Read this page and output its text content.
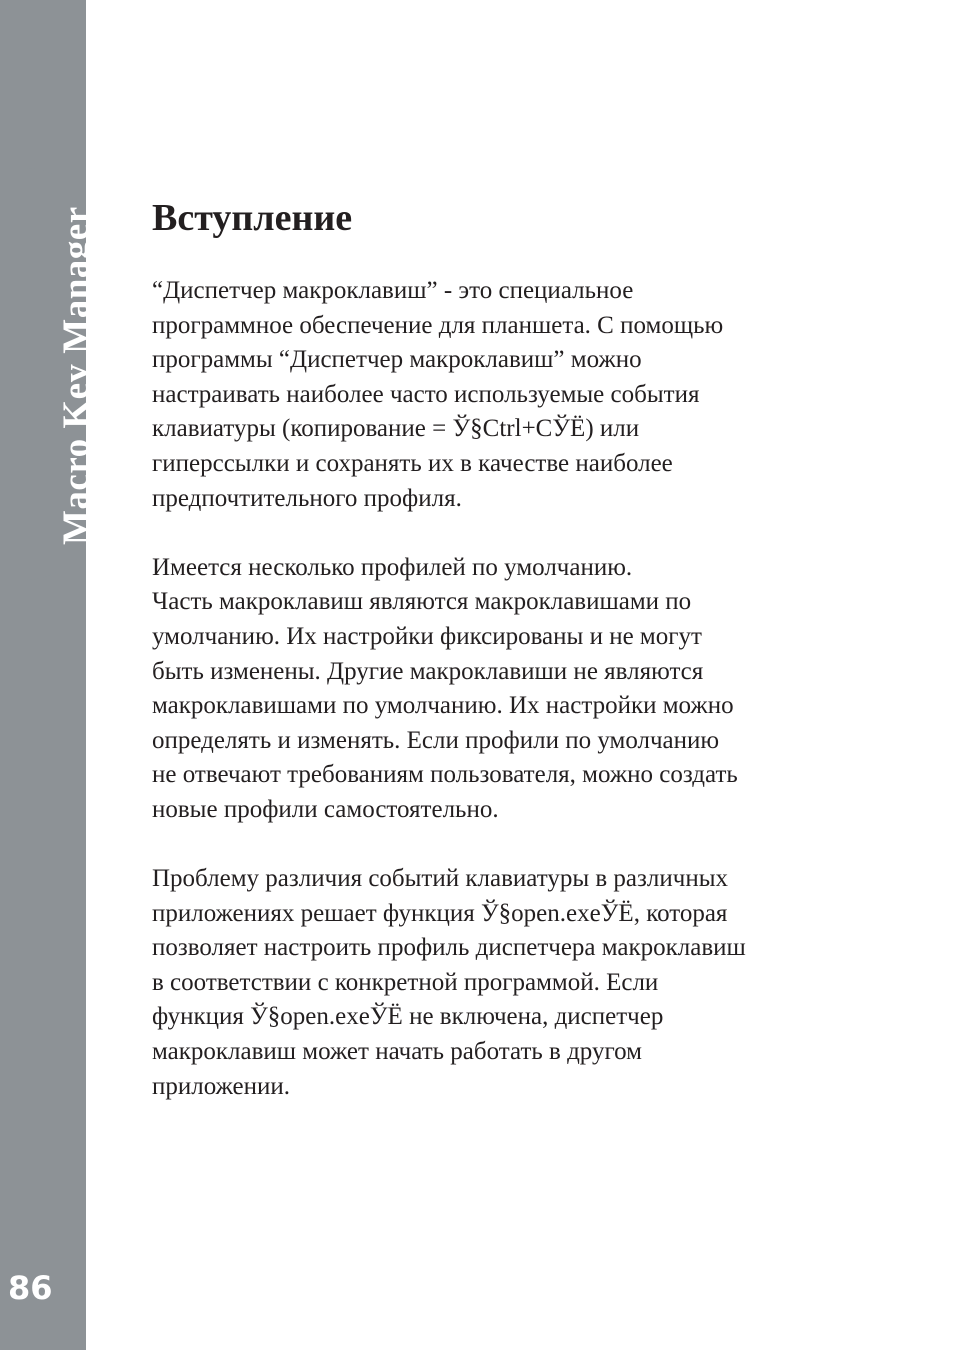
Macro Key Manager
86
Вступление

“Диспетчер макроклавиш” - это специальное
программное обеспечение для планшета. С помощью
программы “Диспетчер макроклавиш” можно
настраивать наиболее часто используемые события
клавиатуры (копирование = Ў§Ctrl+CЎЁ) или
гиперссылки и сохранять их в качестве наиболее
предпочтительного профиля.

Имеется несколько профилей по умолчанию.
Часть макроклавиш являются макроклавишами по
умолчанию. Их настройки фиксированы и не могут
быть изменены. Другие макроклавиши не являются
макроклавишами по умолчанию. Их настройки можно
определять и изменять. Если профили по умолчанию
не отвечают требованиям пользователя, можно создать
новые профили самостоятельно.

Проблему различия событий клавиатуры в различных
приложениях решает функция Ў§open.exeЎЁ, которая
позволяет настроить профиль диспетчера макроклавиш
в соответствии с конкретной программой. Если
функция Ў§open.exeЎЁ не включена, диспетчер
макроклавиш может начать работать в другом
приложении.
